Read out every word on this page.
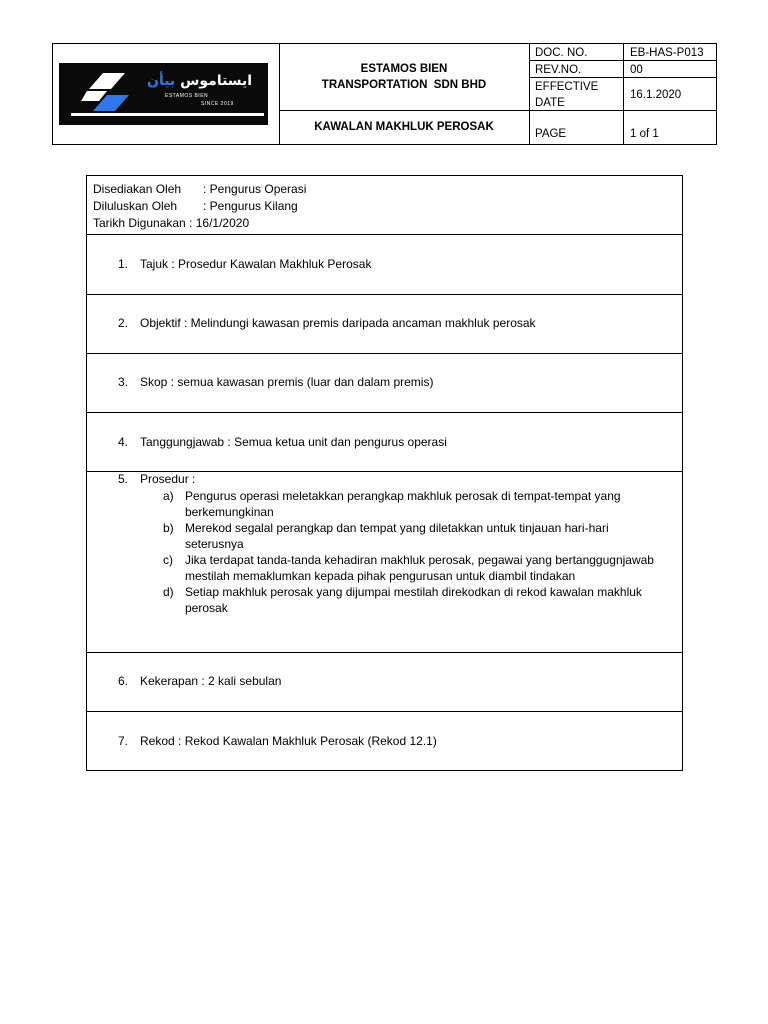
ايستاموس بيأن
ESTAMOS BIEN
SINCE 2019
ESTAMOS BIEN
TRANSPORTATION  SDN BHD
KAWALAN MAKHLUK PEROSAK
DOC. NO.	EB-HAS-P013
REV.NO.	00
EFFECTIVE DATE
16.1.2020
PAGE	1 of 1
Disediakan Oleh : Pengurus Operasi
Diluluskan Oleh : Pengurus Kilang
Tarikh Digunakan : 16/1/2020
1. Tajuk : Prosedur Kawalan Makhluk Perosak
2. Objektif : Melindungi kawasan premis daripada ancaman makhluk perosak
3. Skop : semua kawasan premis (luar dan dalam premis)
4. Tanggungjawab : Semua ketua unit dan pengurus operasi
5. Prosedur :
a) Pengurus operasi meletakkan perangkap makhluk perosak di tempat-tempat yang berkemungkinan
b) Merekod segalal perangkap dan tempat yang diletakkan untuk tinjauan hari-hari seterusnya
c) Jika terdapat tanda-tanda kehadiran makhluk perosak, pegawai yang bertanggugnjawab mestilah memaklumkan kepada pihak pengurusan untuk diambil tindakan
d) Setiap makhluk perosak yang dijumpai mestilah direkodkan di rekod kawalan makhluk perosak
6. Kekerapan : 2 kali sebulan
7. Rekod : Rekod Kawalan Makhluk Perosak (Rekod 12.1)
